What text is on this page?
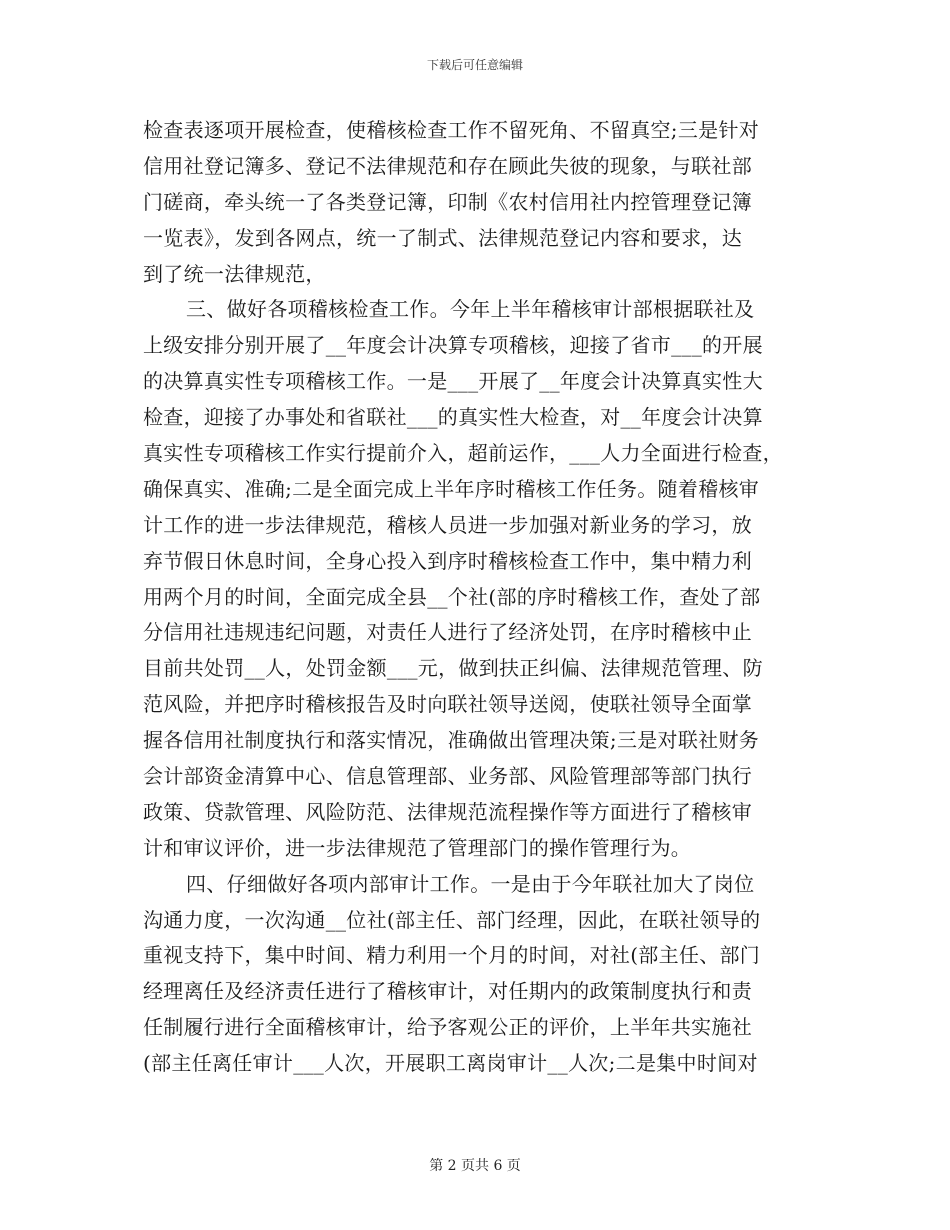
下载后可任意编辑
检查表逐项开展检查，使稽核检查工作不留死角、不留真空;三是针对
信用社登记簿多、登记不法律规范和存在顾此失彼的现象，与联社部
门磋商，牵头统一了各类登记簿，印制《农村信用社内控管理登记簿
一览表》，发到各网点，统一了制式、法律规范登记内容和要求，达
到了统一法律规范，
三、做好各项稽核检查工作。今年上半年稽核审计部根据联社及
上级安排分别开展了__年度会计决算专项稽核，迎接了省市___的开展
的决算真实性专项稽核工作。一是___开展了__年度会计决算真实性大
检查，迎接了办事处和省联社___的真实性大检查，对__年度会计决算
真实性专项稽核工作实行提前介入，超前运作，___人力全面进行检查，
确保真实、准确;二是全面完成上半年序时稽核工作任务。随着稽核审
计工作的进一步法律规范，稽核人员进一步加强对新业务的学习，放
弃节假日休息时间，全身心投入到序时稽核检查工作中，集中精力利
用两个月的时间，全面完成全县__个社(部的序时稽核工作，查处了部
分信用社违规违纪问题，对责任人进行了经济处罚，在序时稽核中止
目前共处罚__人，处罚金额___元，做到扶正纠偏、法律规范管理、防
范风险，并把序时稽核报告及时向联社领导送阅，使联社领导全面掌
握各信用社制度执行和落实情况，准确做出管理决策;三是对联社财务
会计部资金清算中心、信息管理部、业务部、风险管理部等部门执行
政策、贷款管理、风险防范、法律规范流程操作等方面进行了稽核审
计和审议评价，进一步法律规范了管理部门的操作管理行为。
四、仔细做好各项内部审计工作。一是由于今年联社加大了岗位
沟通力度，一次沟通__位社(部主任、部门经理，因此，在联社领导的
重视支持下，集中时间、精力利用一个月的时间，对社(部主任、部门
经理离任及经济责任进行了稽核审计，对任期内的政策制度执行和责
任制履行进行全面稽核审计，给予客观公正的评价，上半年共实施社
(部主任离任审计___人次，开展职工离岗审计__人次;二是集中时间对
第 2 页共 6 页
